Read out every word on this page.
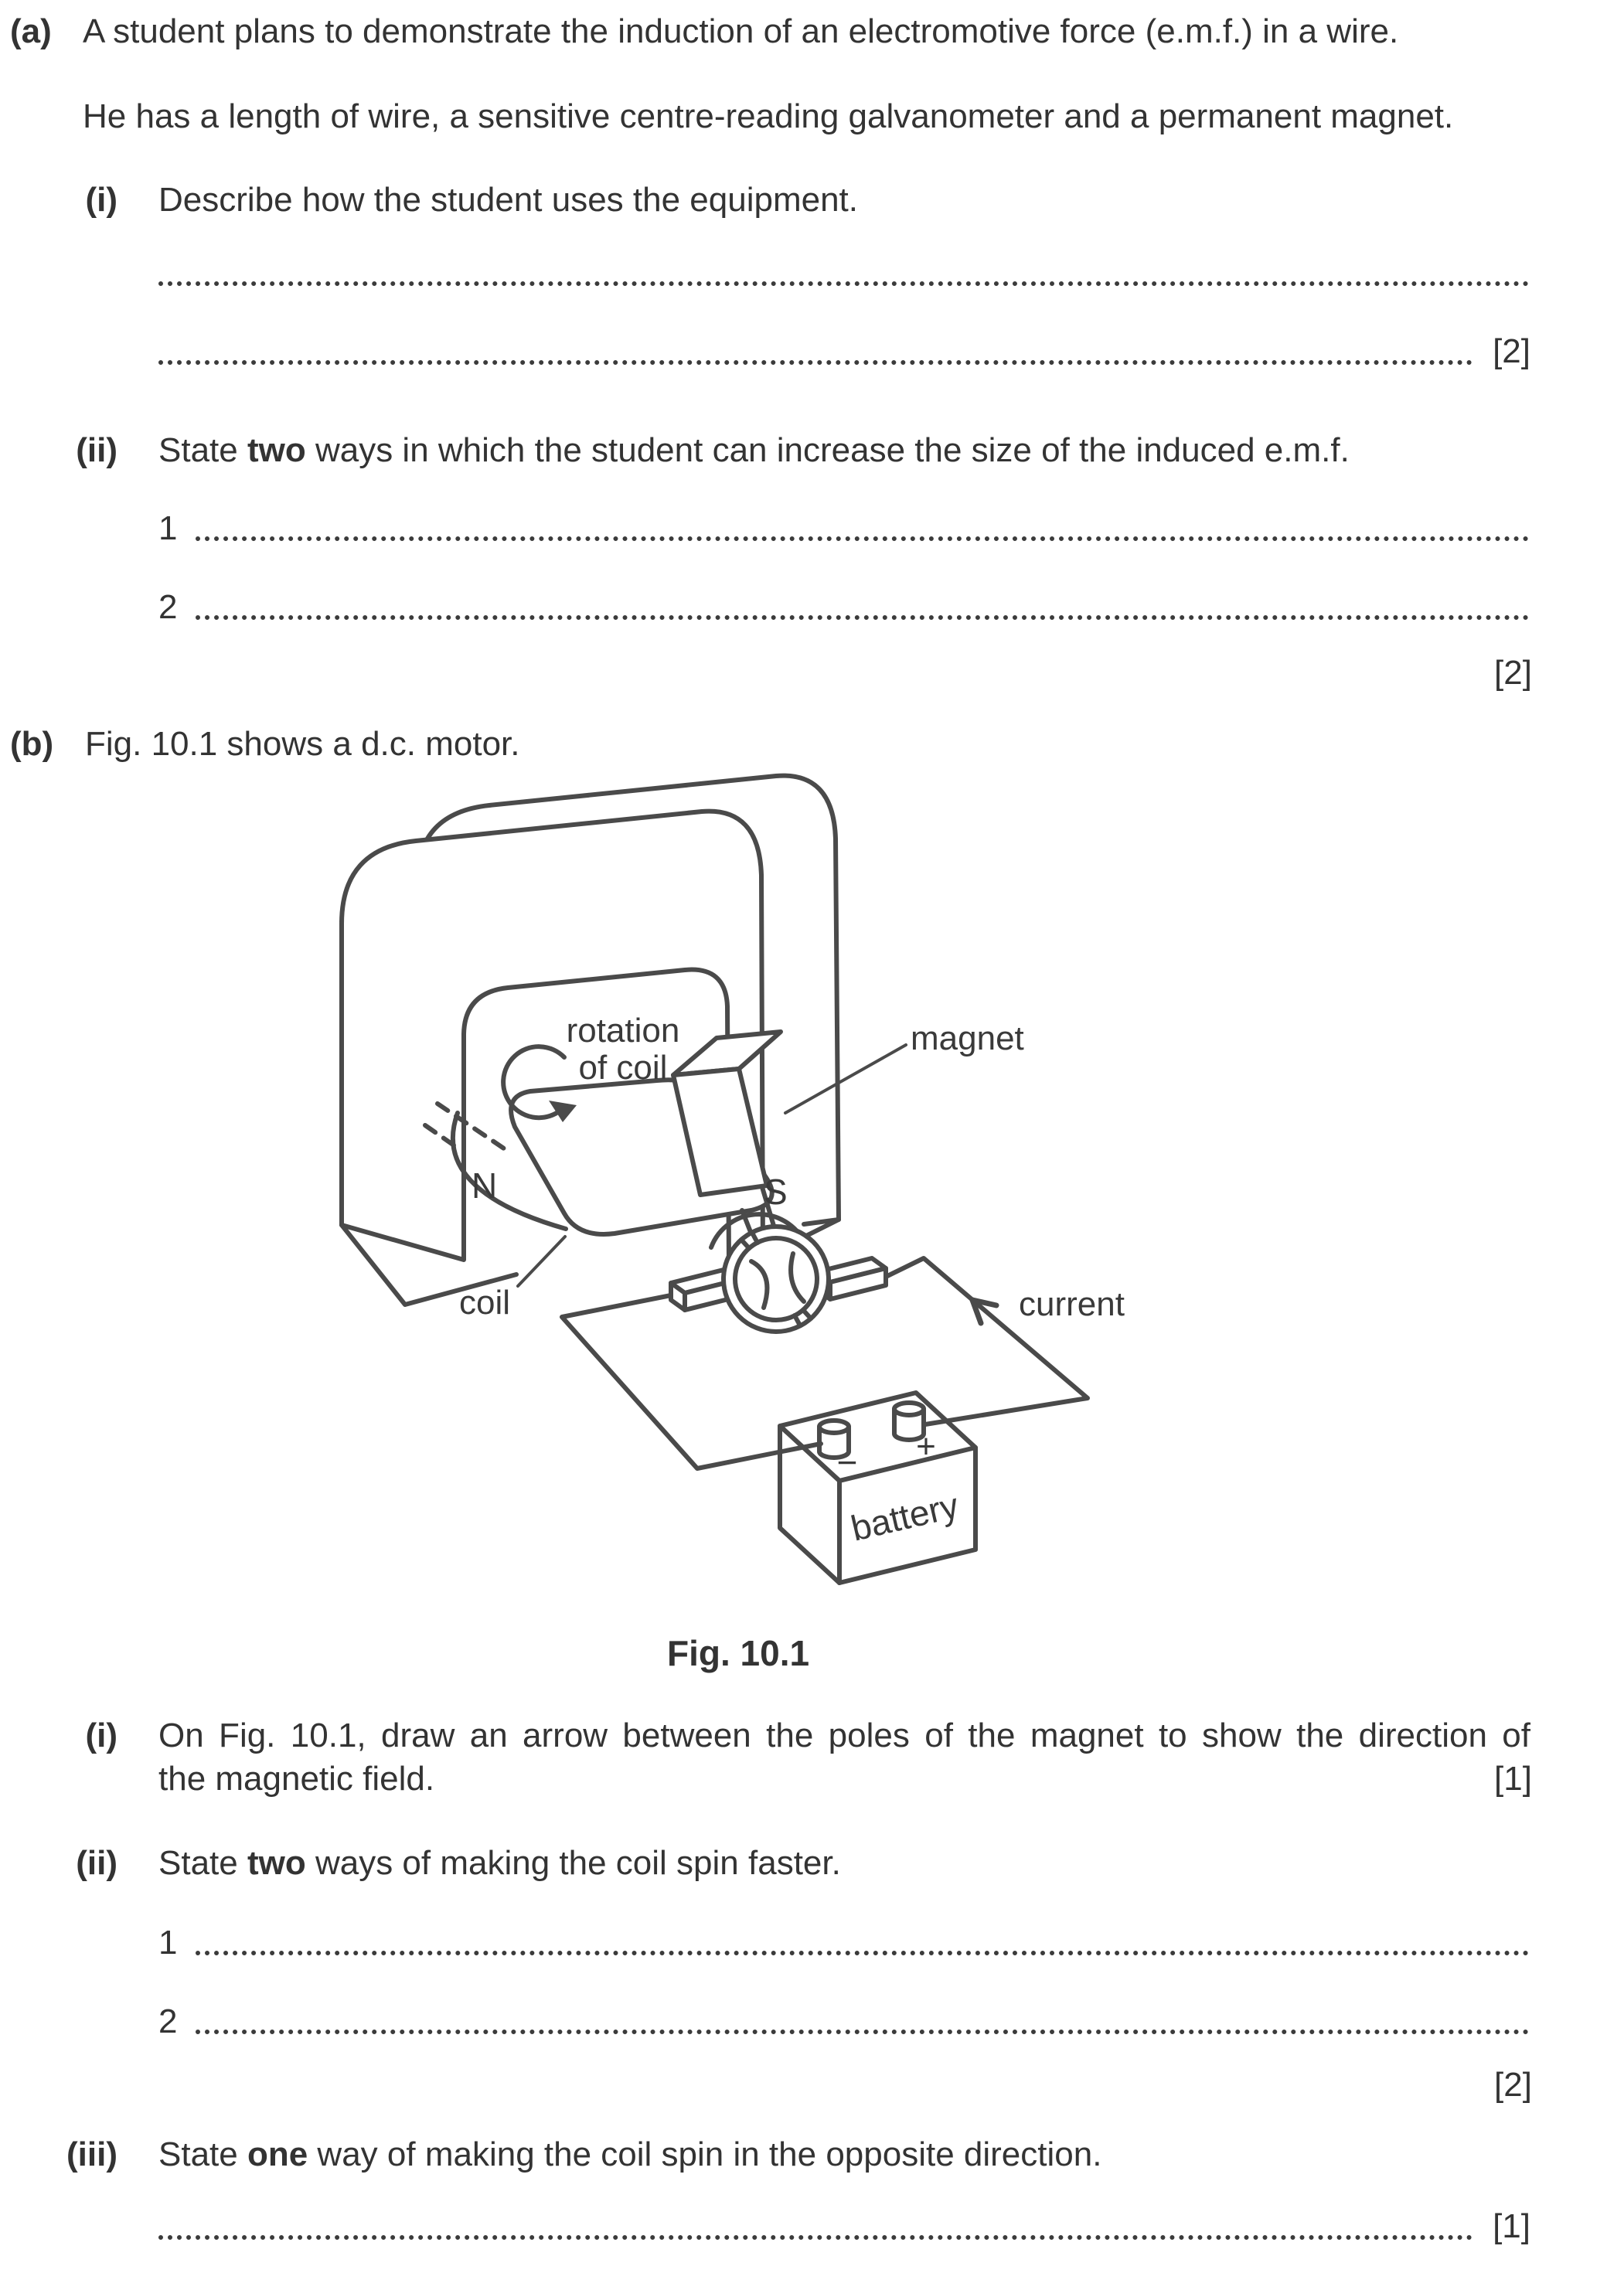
(a) A student plans to demonstrate the induction of an electromotive force (e.m.f.) in a wire.
He has a length of wire, a sensitive centre-reading galvanometer and a permanent magnet.
(i) Describe how the student uses the equipment.
[2]
(ii) State two ways in which the student can increase the size of the induced e.m.f.
1
2
[2]
(b) Fig. 10.1 shows a d.c. motor.
rotation
of coil
magnet
N	S
coil	current
battery
+
−
Fig. 10.1
(i) On Fig. 10.1, draw an arrow between the poles of the magnet to show the direction of
the magnetic field.	[1]
(ii) State two ways of making the coil spin faster.
1
2
[2]
(iii) State one way of making the coil spin in the opposite direction.
[1]
